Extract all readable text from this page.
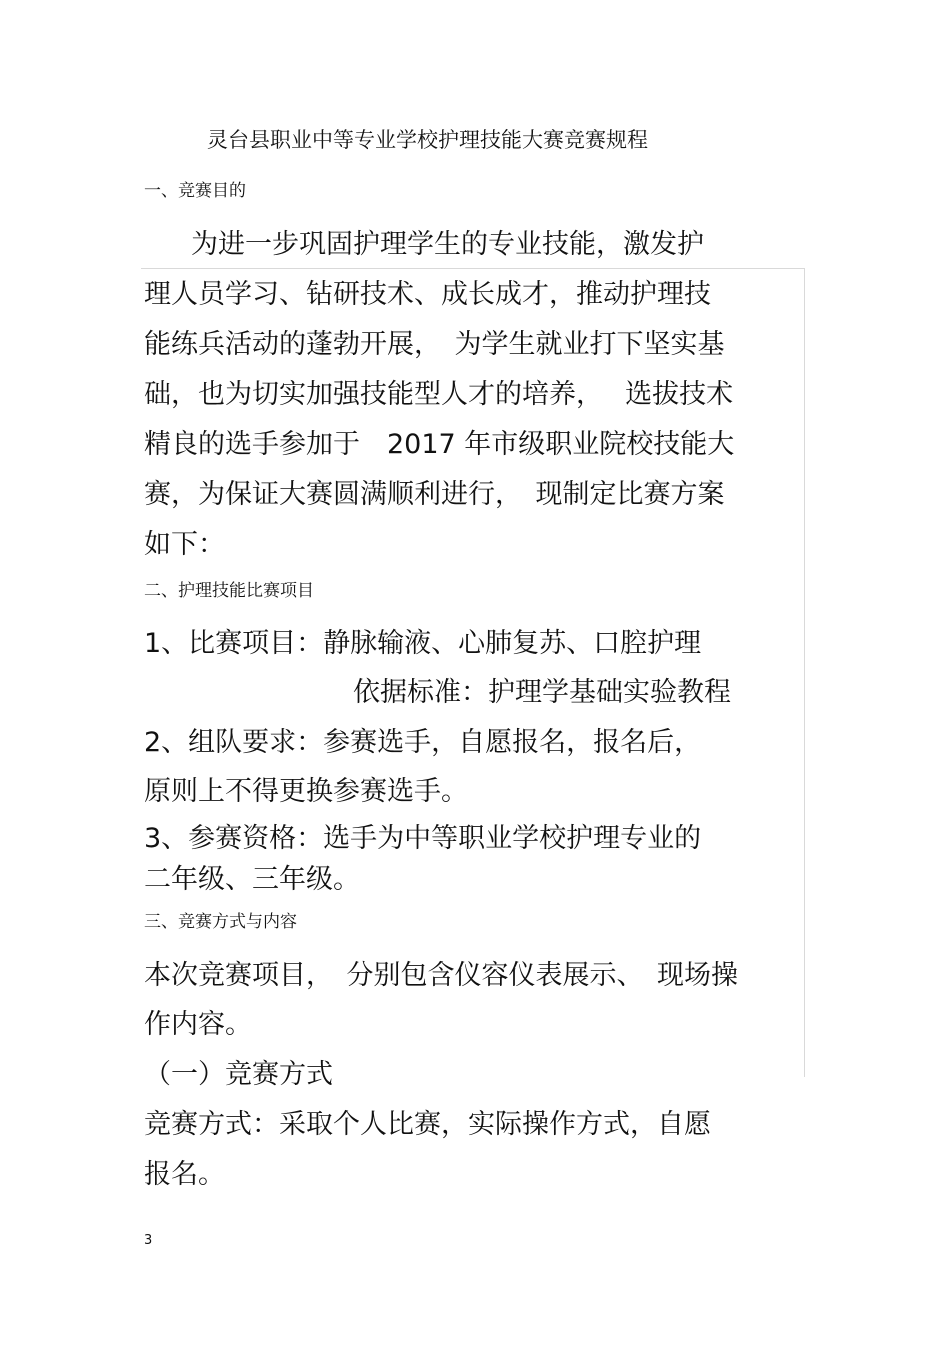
灵台县职业中等专业学校护理技能大赛竞赛规程
一、竞赛目的
为进一步巩固护理学生的专业技能，激发护
理人员学习、钻研技术、成长成才，推动护理技
能练兵活动的蓬勃开展，　为学生就业打下坚实基
础，也为切实加强技能型人才的培养，　 选拔技术
精良的选手参加于　2017 年市级职业院校技能大
赛，为保证大赛圆满顺利进行，　现制定比赛方案
如下：
二、护理技能比赛项目
1、比赛项目：静脉输液、心肺复苏、口腔护理
依据标准：护理学基础实验教程
2、组队要求：参赛选手，自愿报名，报名后，
原则上不得更换参赛选手。
3、参赛资格：选手为中等职业学校护理专业的
二年级、三年级。
三、竞赛方式与内容
本次竞赛项目，　分别包含仪容仪表展示、　现场操
作内容。
（一）竞赛方式
竞赛方式：采取个人比赛，实际操作方式，自愿
报名。
3
